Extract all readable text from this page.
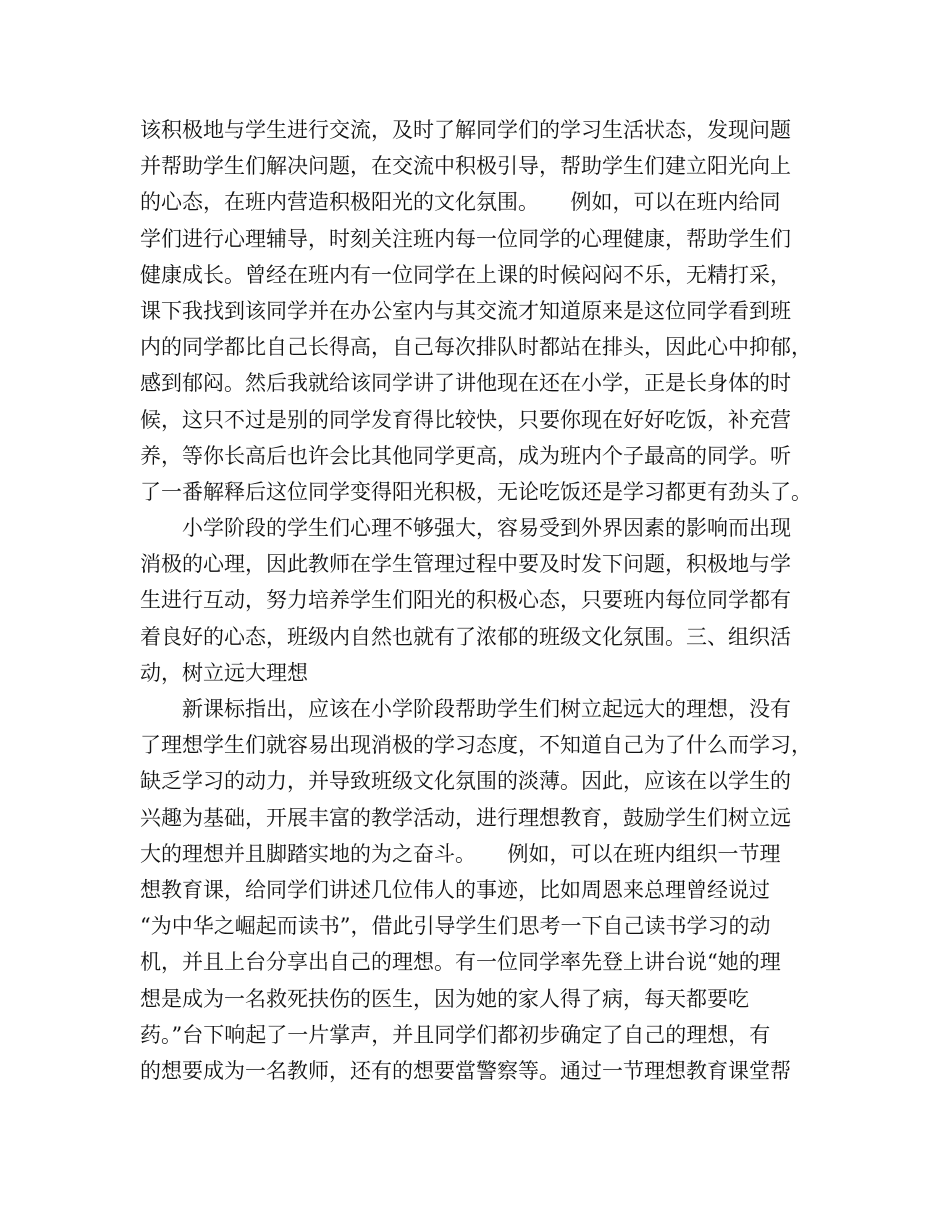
该积极地与学生进行交流，及时了解同学们的学习生活状态，发现问题
并帮助学生们解决问题，在交流中积极引导，帮助学生们建立阳光向上
的心态，在班内营造积极阳光的文化氛围。　　例如，可以在班内给同
学们进行心理辅导，时刻关注班内每一位同学的心理健康，帮助学生们
健康成长。曾经在班内有一位同学在上课的时候闷闷不乐，无精打采，
课下我找到该同学并在办公室内与其交流才知道原来是这位同学看到班
内的同学都比自己长得高，自己每次排队时都站在排头，因此心中抑郁，
感到郁闷。然后我就给该同学讲了讲他现在还在小学，正是长身体的时
候，这只不过是别的同学发育得比较快，只要你现在好好吃饭，补充营
养，等你长高后也许会比其他同学更高，成为班内个子最高的同学。听
了一番解释后这位同学变得阳光积极，无论吃饭还是学习都更有劲头了。
　　小学阶段的学生们心理不够强大，容易受到外界因素的影响而出现
消极的心理，因此教师在学生管理过程中要及时发下问题，积极地与学
生进行互动，努力培养学生们阳光的积极心态，只要班内每位同学都有
着良好的心态，班级内自然也就有了浓郁的班级文化氛围。三、组织活
动，树立远大理想
　　新课标指出，应该在小学阶段帮助学生们树立起远大的理想，没有
了理想学生们就容易出现消极的学习态度，不知道自己为了什么而学习，
缺乏学习的动力，并导致班级文化氛围的淡薄。因此，应该在以学生的
兴趣为基础，开展丰富的教学活动，进行理想教育，鼓励学生们树立远
大的理想并且脚踏实地的为之奋斗。　　例如，可以在班内组织一节理
想教育课，给同学们讲述几位伟人的事迹，比如周恩来总理曾经说过
“为中华之崛起而读书”，借此引导学生们思考一下自己读书学习的动
机，并且上台分享出自己的理想。有一位同学率先登上讲台说“她的理
想是成为一名救死扶伤的医生，因为她的家人得了病，每天都要吃
药。”台下响起了一片掌声，并且同学们都初步确定了自己的理想，有
的想要成为一名教师，还有的想要當警察等。通过一节理想教育课堂帮
